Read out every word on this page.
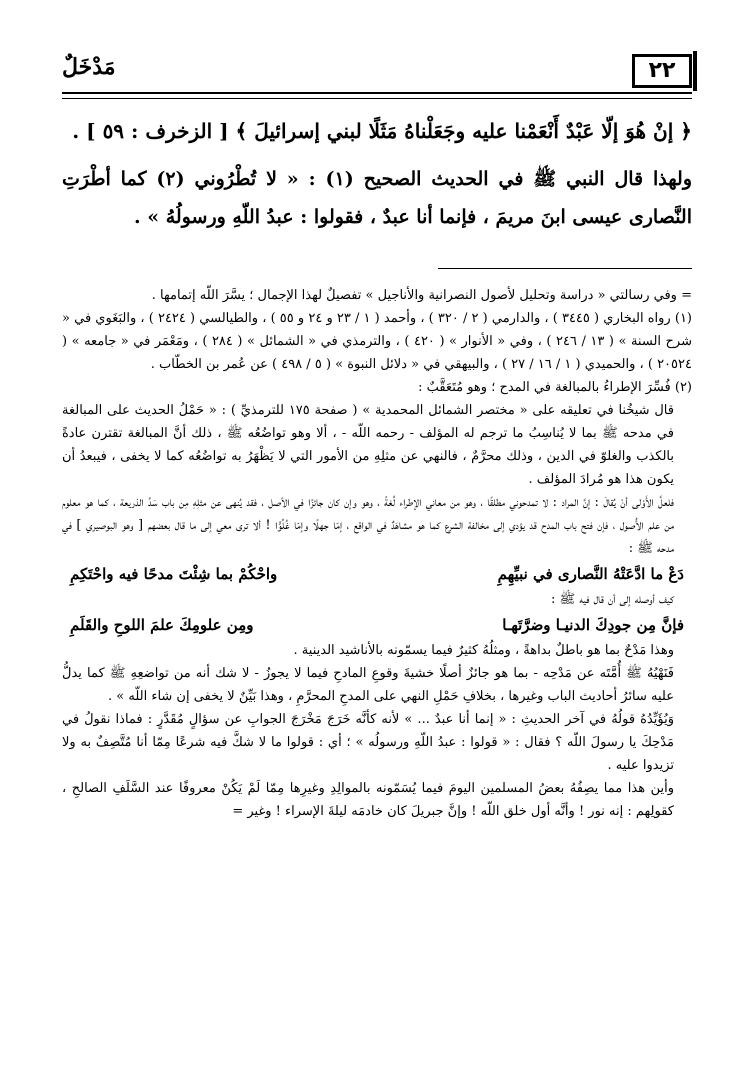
٢٢
مَدْخَلٌ

﴿ إنْ هُوَ إلّا عَبْدٌ أَنْعَمْنا عليه وجَعَلْناهُ مَثَلًا لبني إسرائيلَ ﴾ [ الزخرف : ٥٩ ] .

ولهذا قال النبي ﷺ في الحديث الصحيح (١) : « لا تُطْرُوني (٢) كما أطْرَتِ النَّصارى عيسى ابنَ مريمَ ، فإنما أنا عبدٌ ، فقولوا : عبدُ اللّهِ ورسولُهُ » .

= وفي رسالتي « دراسة وتحليل لأصول النصرانية والأناجيل » تفصيلٌ لهذا الإجمال ؛ يسَّرَ اللّه إتمامها .

(١) رواه البخاري ( ٣٤٤٥ ) ، والدارمي ( ٢ / ٣٢٠ ) ، وأحمد ( ١ / ٢٣ و ٢٤ و ٥٥ ) ، والطيالسي ( ٢٤٢٤ ) ، والبَغَوي في « شرح السنة » ( ١٣ / ٢٤٦ ) ، وفي « الأنوار » ( ٤٢٠ ) ، والترمذي في « الشمائل » ( ٢٨٤ ) ، ومَعْمَر في « جامعه » ( ٢٠٥٢٤ ) ، والحميدي ( ١ / ١٦ / ٢٧ ) ، والبيهقي في « دلائل النبوة » ( ٥ / ٤٩٨ ) عن عُمر بن الخطّاب .

(٢) فُسِّرَ الإطراءُ بالمبالغة في المدح ؛ وهو مُتَعَقَّبٌ :

قال شيخُنا في تعليقه على « مختصر الشمائل المحمدية » ( صفحة ١٧٥ للترمذيِّ ) : « حَمْلُ الحديث على المبالغة في مدحه ﷺ بما لا يُناسِبُ ما ترجم له المؤلف - رحمه اللّه - ، ألا وهو تواضُعُه ﷺ ، ذلك أنَّ المبالغة تقترن عادةً بالكذب والغلوّ في الدين ، وذلك محرَّمٌ ، فالنهي عن مثلِهِ من الأمور التي لا يَظْهَرُ به تواضُعُه كما لا يخفى ، فيبعدُ أن يكون هذا هو مُرادَ المؤلف .

فلعلَّ الأَوْلى أنْ يُقالَ : إنَّ المراد : لا تمدحوني مطلقًا ، وهو من معاني الإطراء لُغةً ، وهو وإن كان جائزًا في الأصل ، فقد يُنهى عن مثلِهِ مِن باب سَدِّ الذريعة ، كما هو معلوم من علم الأُصول ، فإن فتح باب المدح قد يؤدي إلى مخالفة الشرع كما هو مشاهَدٌ في الواقع ، إمّا جهلًا وإمّا غُلُوًّا ! ألا ترى معي إلى ما قال بعضهم [ وهو البوصيري ] في مدحه ﷺ :

دَعْ ما ادَّعَتْهُ النَّصارى في نبيِّهِمِ
واحْكُمْ بما شِئْتَ مدحًا فيه واحْتَكِمِ

كيف أوصله إلى أن قال فيه ﷺ :

فإنَّ مِن جودِكَ الدنيـا وضرَّتَهـا
ومِن علومِكَ علمَ اللوحِ والقَلَمِ

وهذا مَدْحٌ بما هو باطلٌ بداهةً ، ومثلُهُ كثيرٌ فيما يسمّونه بالأناشيد الدينية .

فَنَهْيُهُ ﷺ أُمَّتَه عن مَدْحِه - بما هو جائزٌ أصلًا خشيةَ وقوعِ المادحِ فيما لا يجوزُ - لا شك أنه من تواضعِهِ ﷺ كما يدلُّ عليه سائرُ أحاديث الباب وغيرها ، بخلافِ حَمْلِ النهي على المدحِ المحرَّمِ ، وهذا بَيِّنٌ لا يخفى إن شاء اللّه » .

وَيُؤَيِّدُهُ قولُهُ في آخر الحديثِ : « إنما أنا عبدٌ ... » لأنه كأنَّه خَرَجَ مَخْرَجَ الجوابِ عن سؤالٍ مُقَدَّرٍ : فماذا نقولُ في مَدْحِكَ يا رسولَ اللّه ؟ فقال : « قولوا : عبدُ اللّهِ ورسولُه » ؛ أي : قولوا ما لا شكَّ فيه شرعًا مِمّا أنا مُتَّصِفٌ به ولا تزيدوا عليه .

وأين هذا مما يصِفُهُ بعضُ المسلمين اليومَ فيما يُسَمّونه بالموالِدِ وغيرِها مِمّا لَمْ يَكُنْ معروفًا عند السَّلَفِ الصالحِ ، كقولِهم : إنه نور ! وأنَّه أول خلق اللّه ! وإنَّ جبريلَ كان خادمَه ليلةَ الإسراء ! وغير =
